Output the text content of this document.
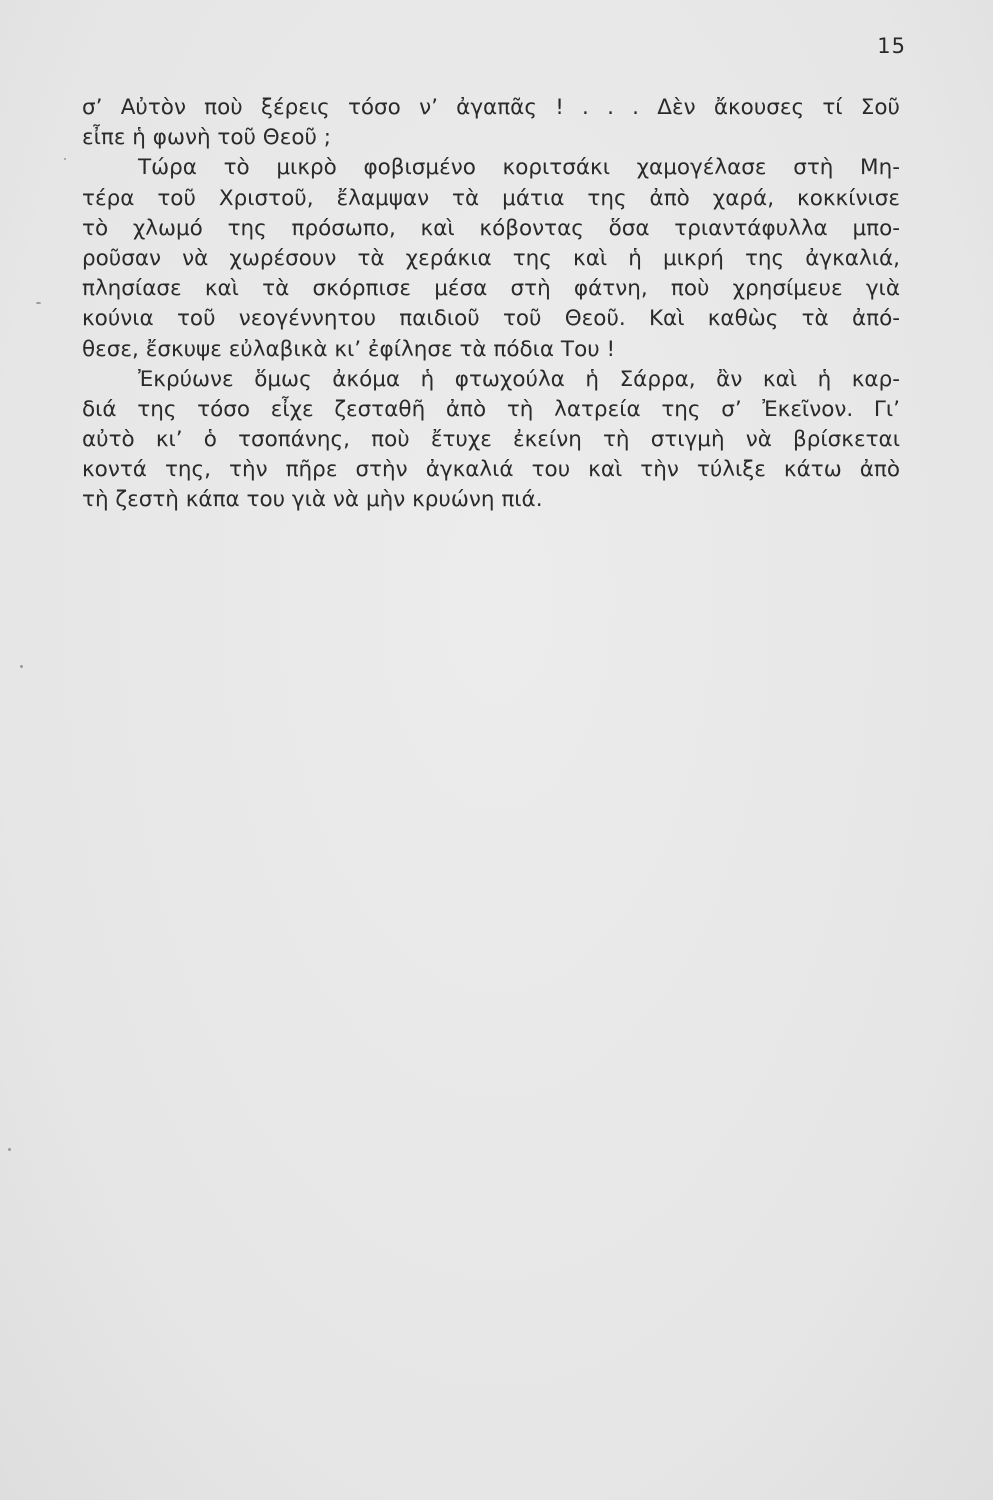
15
σ’ Αὐτὸν ποὺ ξέρεις τόσο ν’ ἀγαπᾶς ! . . . Δὲν ἄκουσες τί Σοῦ
εἶπε ἡ φωνὴ τοῦ Θεοῦ ;
Τώρα τὸ μικρὸ φοβισμένο κοριτσάκι χαμογέλασε στὴ Μη-
τέρα τοῦ Χριστοῦ, ἔλαμψαν τὰ μάτια της ἀπὸ χαρά, κοκκίνισε
τὸ χλωμό της πρόσωπο, καὶ κόβοντας ὅσα τριαντάφυλλα μπο-
ροῦσαν νὰ χωρέσουν τὰ χεράκια της καὶ ἡ μικρή της ἀγκαλιά,
πλησίασε καὶ τὰ σκόρπισε μέσα στὴ φάτνη, ποὺ χρησίμευε γιὰ
κούνια τοῦ νεογέννητου παιδιοῦ τοῦ Θεοῦ. Καὶ καθὼς τὰ ἀπό-
θεσε, ἔσκυψε εὐλαβικὰ κι’ ἐφίλησε τὰ πόδια Του !
Ἐκρύωνε ὅμως ἀκόμα ἡ φτωχούλα ἡ Σάρρα, ἂν καὶ ἡ καρ-
διά της τόσο εἶχε ζεσταθῆ ἀπὸ τὴ λατρεία της σ’ Ἐκεῖνον. Γι’
αὐτὸ κι’ ὁ τσοπάνης, ποὺ ἔτυχε ἐκείνη τὴ στιγμὴ νὰ βρίσκεται
κοντά της, τὴν πῆρε στὴν ἀγκαλιά του καὶ τὴν τύλιξε κάτω ἀπὸ
τὴ ζεστὴ κάπα του γιὰ νὰ μὴν κρυώνη πιά.
